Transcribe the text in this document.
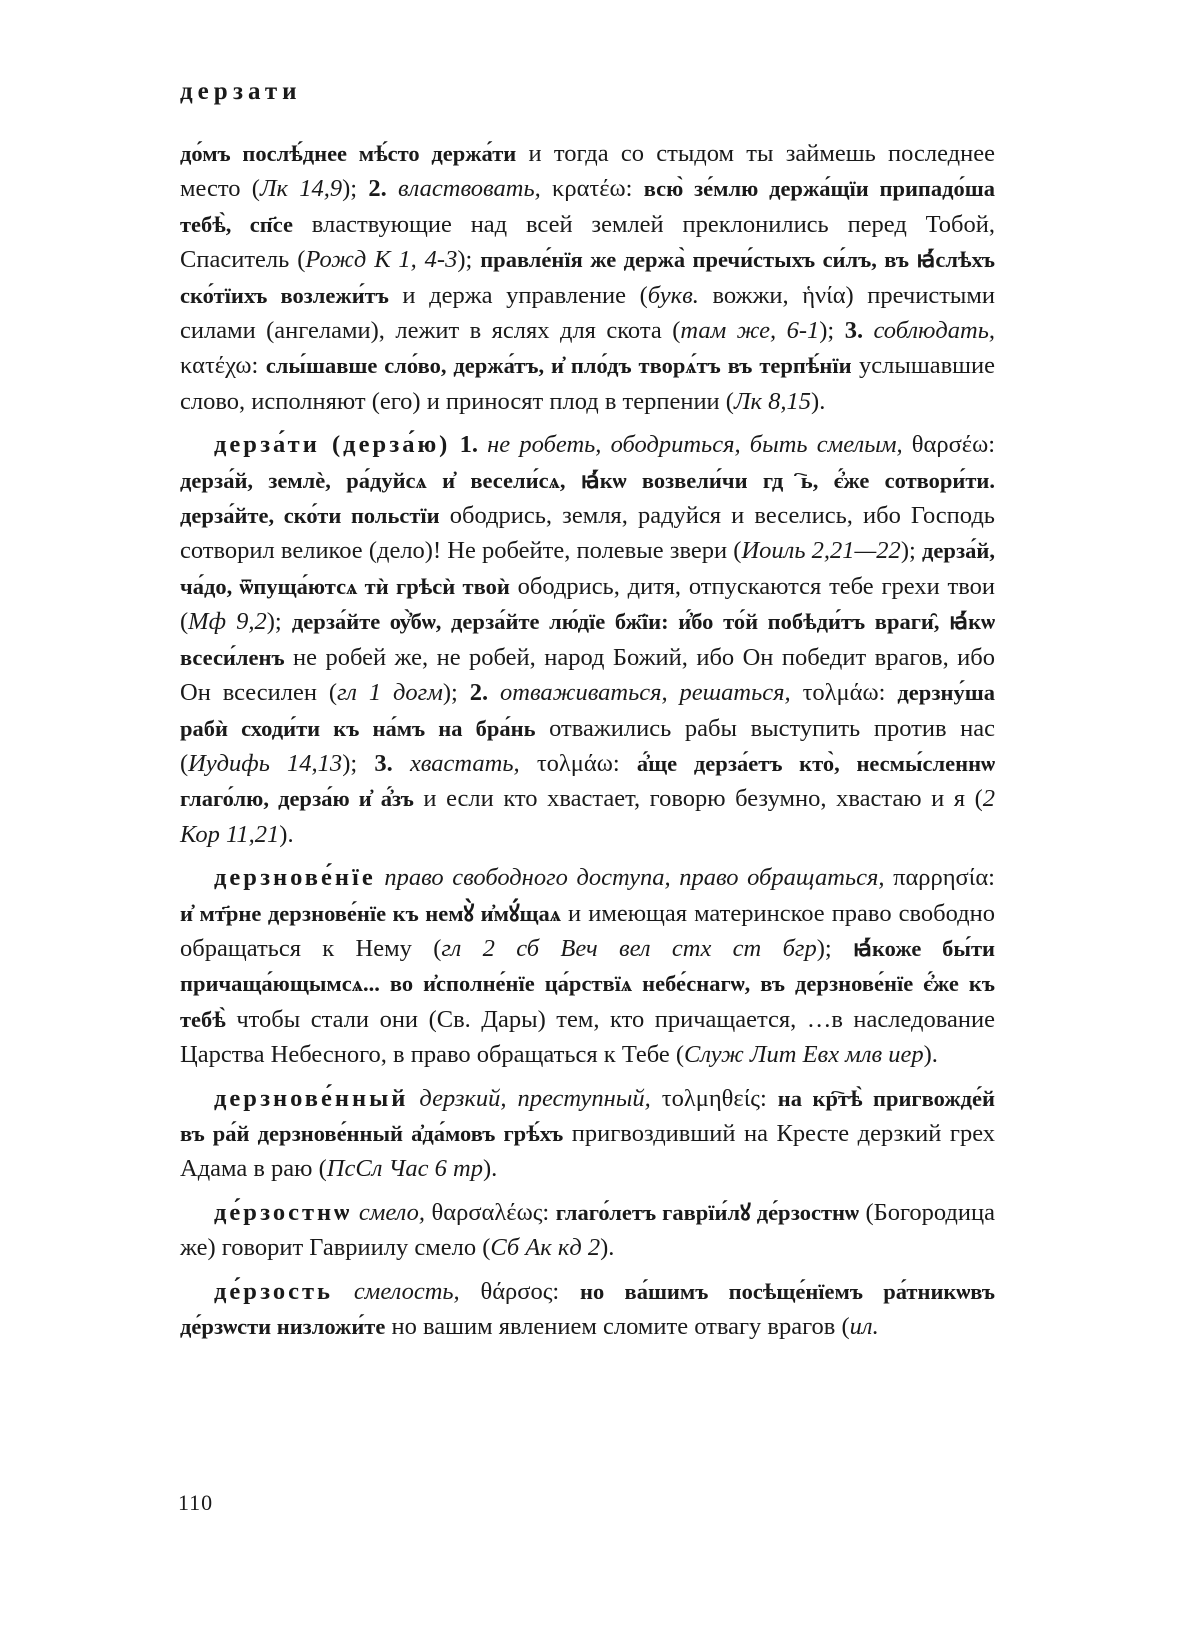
дерзати

до́мъ послѣ́днее мѣ́сто держа́ти и тогда со стыдом ты займешь последнее место (Лк 14,9); 2. властвовать, κρατέω: всю̀ зе́млю держа́щїи припадо́ша тебѣ̀, сп҃се властвующие над всей землей преклонились перед Тобой, Спаситель (Рожд К 1, 4-3); правле́нїя же держа̀ пречи́стыхъ си́лъ, въ ꙗ҆́слѣхъ ско́тїихъ возлежи́тъ и держа управление (букв. вожжи, ἡνία) пречистыми силами (ангелами), лежит в яслях для скота (там же, 6-1); 3. соблюдать, κατέχω: слы́шавше сло́во, держа́тъ, и҆ пло́дъ творѧ́тъ въ терпѣ́нїи услышавшие слово, исполняют (его) и приносят плод в терпении (Лк 8,15).

дерза́ти (дерза́ю) 1. не робеть, ободриться, быть смелым, θαρσέω: дерза́й, землѐ, ра́дуйсѧ и҆ весели́сѧ, ꙗ҆́кѡ возвели́чи гдⷭ҇ь, є҆́же сотвори́ти. дерза́йте, ско́ти польстїи ободрись, земля, радуйся и веселись, ибо Господь сотворил великое (дело)! Не робейте, полевые звери (Иоиль 2,21—22); дерза́й, ча́до, ѿпуща́ютсѧ тѝ грѣсѝ твоѝ ободрись, дитя, отпускаются тебе грехи твои (Мф 9,2); дерза́йте ѹ҆̀бѡ, дерза́йте лю́дїе бж҃їи: и҆́бо то́й побѣди́тъ враги̑, ꙗ҆́кѡ всеси́ленъ не робей же, не робей, народ Божий, ибо Он победит врагов, ибо Он всесилен (гл 1 догм); 2. отваживаться, решаться, τολμάω: дерзну́ша рабѝ сходи́ти къ на́мъ на бра́нь отважились рабы выступить против нас (Иудифь 14,13); 3. хвастать, τολμάω: а҆́ще дерза́етъ кто̀, несмы́сленнѡ глаго́лю, дерза́ю и҆ а҆́зъ и если кто хвастает, говорю безумно, хвастаю и я (2 Кор 11,21).

дерзнове́нїе право свободного доступа, право обращаться, παρρησία: и҆ мт҃рне дерзнове́нїе къ немꙋ̀ и҆мꙋ́щаѧ и имеющая материнское право свободно обращаться к Нему (гл 2 сб Веч вел стх ст бгр); ꙗ҆́коже бы́ти причаща́ющымсѧ... во и҆сполне́нїе ца́рствїѧ небе́снагѡ, въ дерзнове́нїе є҆́же къ тебѣ̀ чтобы стали они (Св. Дары) тем, кто причащается, …в наследование Царства Небесного, в право обращаться к Тебе (Служ Лит Евх млв иер).

дерзнове́нный дерзкий, преступный, τολμηθείς: на кр҇тѣ̀ пригвожде́й въ ра́й дерзнове́нный а҆да́мовъ грѣ́хъ пригвоздивший на Кресте дерзкий грех Адама в раю (ПсСл Час 6 тр).

де́рзостнѡ смело, θαρσαλέως: глаго́летъ гаврїи́лꙋ де́рзостнѡ (Богородица же) говорит Гавриилу смело (Сб Ак кд 2).

де́рзость смелость, θάρσος: но ва́шимъ посѣще́нїемъ ра́тникѡвъ де́рзѡсти низложи́те но вашим явлением сломите отвагу врагов (ил.

110
